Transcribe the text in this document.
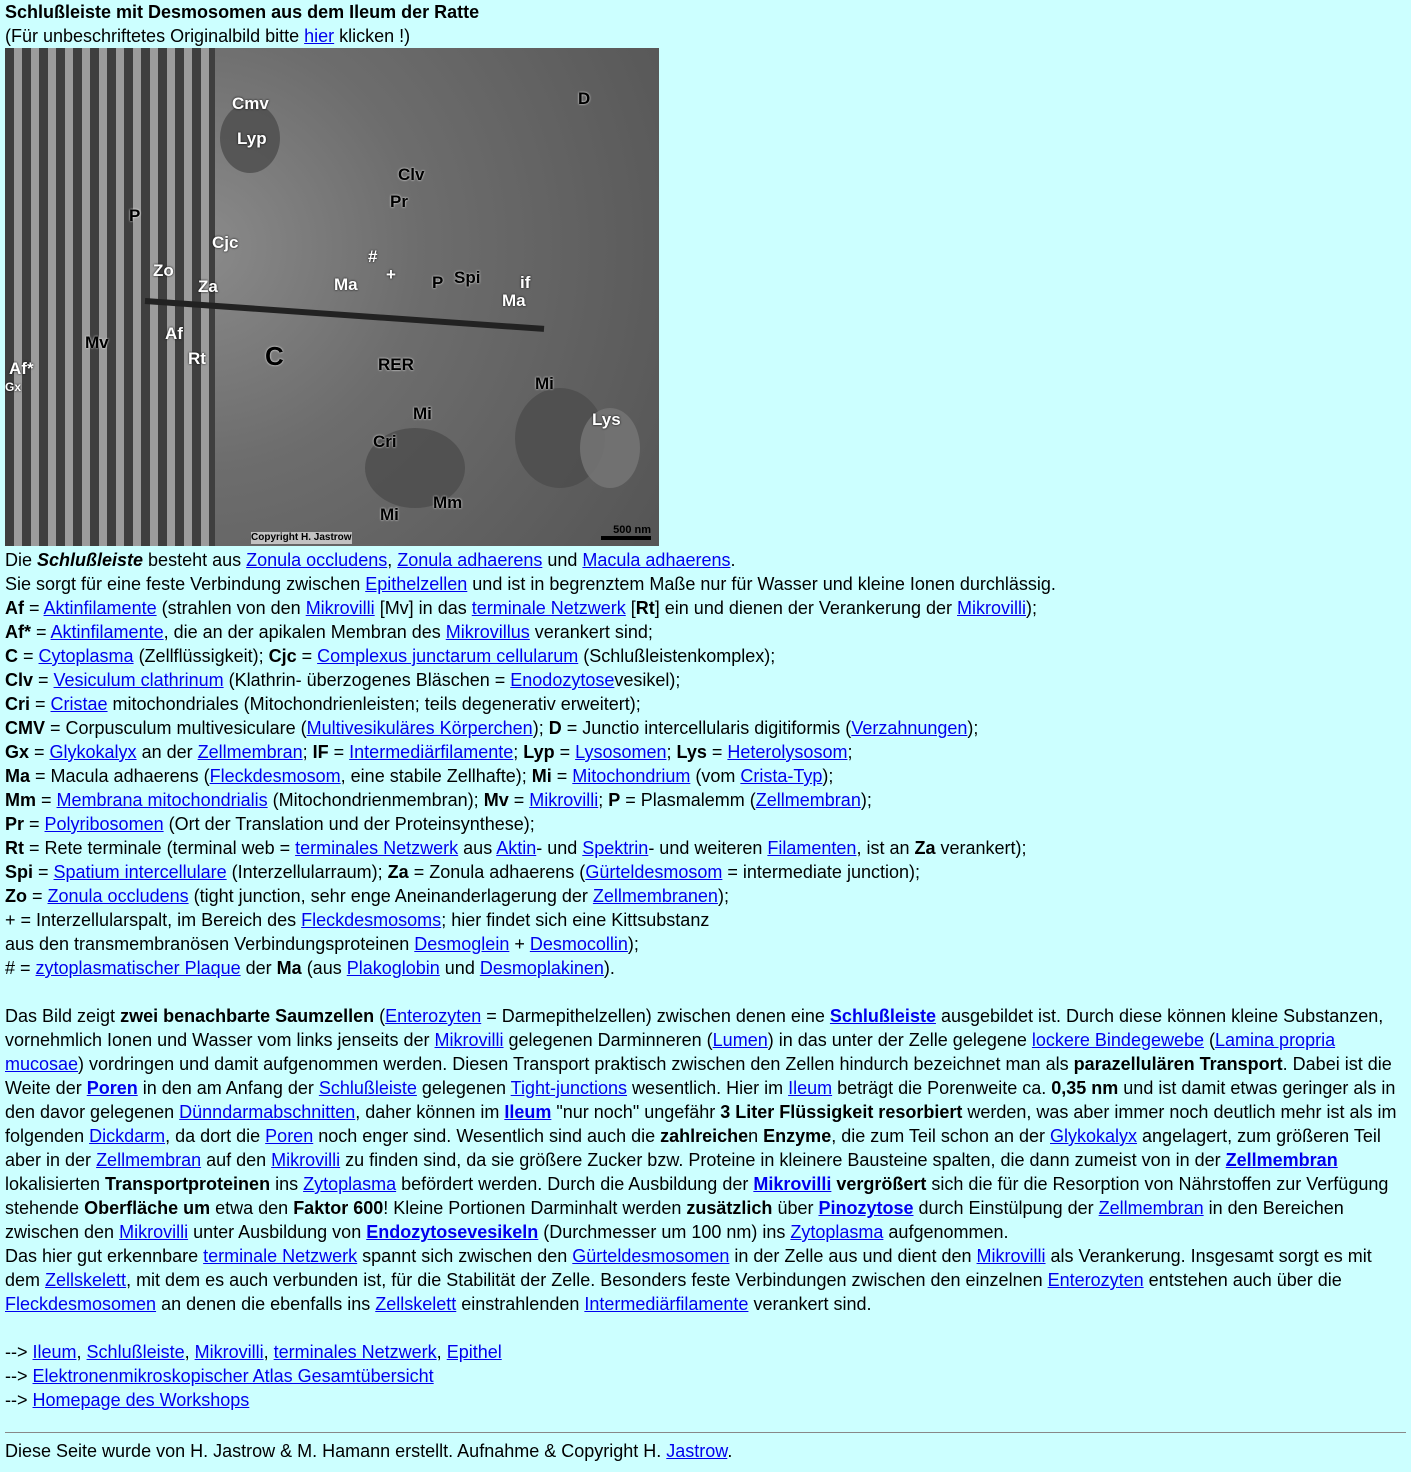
Schlußleiste mit Desmosomen aus dem Ileum der Ratte

(Für unbeschriftetes Originalbild bitte hier klicken !)

Cmv
Lyp
Clv
Pr
D
P
Cjc
Zo
Za	Ma
#
+ P Spi if
Ma
Mv	Af
Rt C
Af*
Gx
RER
Mi
Mi
Cri
Lys
Mm
Mi
500 nm
Copyright H. Jastrow

Die Schlußleiste besteht aus Zonula occludens, Zonula adhaerens und Macula adhaerens.

Sie sorgt für eine feste Verbindung zwischen Epithelzellen und ist in begrenztem Maße nur für Wasser und kleine Ionen durchlässig.

Af = Aktinfilamente (strahlen von den Mikrovilli [Mv] in das terminale Netzwerk [Rt] ein und dienen der Verankerung der Mikrovilli);

Af* = Aktinfilamente, die an der apikalen Membran des Mikrovillus verankert sind;

C = Cytoplasma (Zellflüssigkeit); Cjc = Complexus junctarum cellularum (Schlußleistenkomplex);

Clv = Vesiculum clathrinum (Klathrin- überzogenes Bläschen = Enodozytosevesikel);

Cri = Cristae mitochondriales (Mitochondrienleisten; teils degenerativ erweitert);

CMV = Corpusculum multivesiculare (Multivesikuläres Körperchen); D = Junctio intercellularis digitiformis (Verzahnungen);

Gx = Glykokalyx an der Zellmembran; IF = Intermediärfilamente; Lyp = Lysosomen; Lys = Heterolysosom;

Ma = Macula adhaerens (Fleckdesmosom, eine stabile Zellhafte); Mi = Mitochondrium (vom Crista-Typ);

Mm = Membrana mitochondrialis (Mitochondrienmembran); Mv = Mikrovilli; P = Plasmalemm (Zellmembran);

Pr = Polyribosomen (Ort der Translation und der Proteinsynthese);

Rt = Rete terminale (terminal web = terminales Netzwerk aus Aktin- und Spektrin- und weiteren Filamenten, ist an Za verankert);

Spi = Spatium intercellulare (Interzellularraum); Za = Zonula adhaerens (Gürteldesmosom = intermediate junction);

Zo = Zonula occludens (tight junction, sehr enge Aneinanderlagerung der Zellmembranen);

+ = Interzellularspalt, im Bereich des Fleckdesmosoms; hier findet sich eine Kittsubstanz

aus den transmembranösen Verbindungsproteinen Desmoglein + Desmocollin);

# = zytoplasmatischer Plaque der Ma (aus Plakoglobin und Desmoplakinen).

Das Bild zeigt zwei benachbarte Saumzellen (Enterozyten = Darmepithelzellen) zwischen denen eine Schlußleiste ausgebildet ist. Durch diese können kleine Substanzen, vornehmlich Ionen und Wasser vom links jenseits der Mikrovilli gelegenen Darminneren (Lumen) in das unter der Zelle gelegene lockere Bindegewebe (Lamina propria mucosae) vordringen und damit aufgenommen werden. Diesen Transport praktisch zwischen den Zellen hindurch bezeichnet man als parazellulären Transport. Dabei ist die Weite der Poren in den am Anfang der Schlußleiste gelegenen Tight-junctions wesentlich. Hier im Ileum beträgt die Porenweite ca. 0,35 nm und ist damit etwas geringer als in den davor gelegenen Dünndarmabschnitten, daher können im Ileum "nur noch" ungefähr 3 Liter Flüssigkeit resorbiert werden, was aber immer noch deutlich mehr ist als im folgenden Dickdarm, da dort die Poren noch enger sind. Wesentlich sind auch die zahlreichen Enzyme, die zum Teil schon an der Glykokalyx angelagert, zum größeren Teil aber in der Zellmembran auf den Mikrovilli zu finden sind, da sie größere Zucker bzw. Proteine in kleinere Bausteine spalten, die dann zumeist von in der Zellmembran lokalisierten Transportproteinen ins Zytoplasma befördert werden. Durch die Ausbildung der Mikrovilli vergrößert sich die für die Resorption von Nährstoffen zur Verfügung stehende Oberfläche um etwa den Faktor 600! Kleine Portionen Darminhalt werden zusätzlich über Pinozytose durch Einstülpung der Zellmembran in den Bereichen zwischen den Mikrovilli unter Ausbildung von Endozytosevesikeln (Durchmesser um 100 nm) ins Zytoplasma aufgenommen.

Das hier gut erkennbare terminale Netzwerk spannt sich zwischen den Gürteldesmosomen in der Zelle aus und dient den Mikrovilli als Verankerung. Insgesamt sorgt es mit dem Zellskelett, mit dem es auch verbunden ist, für die Stabilität der Zelle. Besonders feste Verbindungen zwischen den einzelnen Enterozyten entstehen auch über die Fleckdesmosomen an denen die ebenfalls ins Zellskelett einstrahlenden Intermediärfilamente verankert sind.

--> Ileum, Schlußleiste, Mikrovilli, terminales Netzwerk, Epithel

--> Elektronenmikroskopischer Atlas Gesamtübersicht

--> Homepage des Workshops

Diese Seite wurde von H. Jastrow & M. Hamann erstellt. Aufnahme & Copyright H. Jastrow.
